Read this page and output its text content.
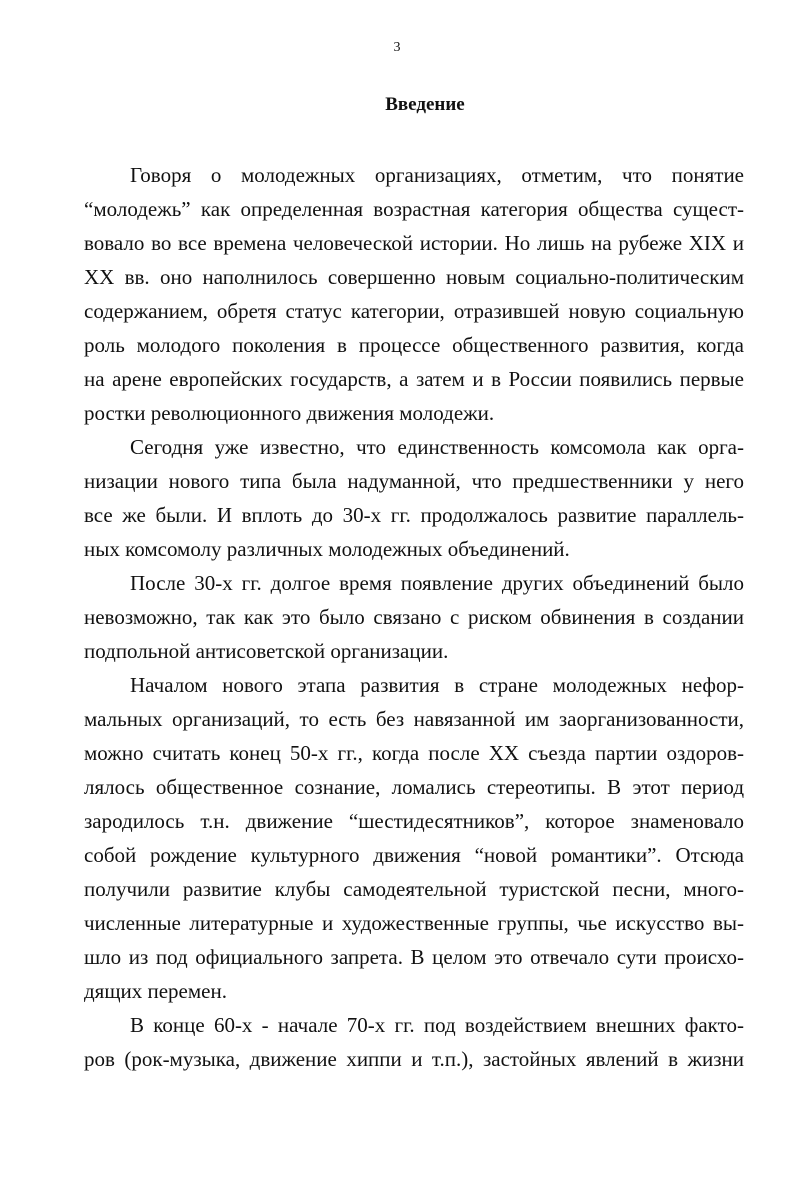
3
Введение
Говоря о молодежных организациях, отметим, что понятие
“молодежь” как определенная возрастная категория общества сущест-
вовало во все времена человеческой истории. Но лишь на рубеже XIX и
XX вв. оно наполнилось совершенно новым социально-политическим
содержанием, обретя статус категории, отразившей новую социальную
роль молодого поколения в процессе общественного развития, когда
на арене европейских государств, а затем и в России появились первые
ростки революционного движения молодежи.
Сегодня уже известно, что единственность комсомола как орга-
низации нового типа была надуманной, что предшественники у него
все же были. И вплоть до 30-х гг. продолжалось развитие параллель-
ных комсомолу различных молодежных объединений.
После 30-х гг. долгое время появление других объединений было
невозможно, так как это было связано с риском обвинения в создании
подпольной антисоветской организации.
Началом нового этапа развития в стране молодежных нефор-
мальных организаций, то есть без навязанной им заорганизованности,
можно считать конец 50-х гг., когда после XX съезда партии оздоров-
лялось общественное сознание, ломались стереотипы. В этот период
зародилось т.н. движение “шестидесятников”, которое знаменовало
собой рождение культурного движения “новой романтики”. Отсюда
получили развитие клубы самодеятельной туристской песни, много-
численные литературные и художественные группы, чье искусство вы-
шло из под официального запрета. В целом это отвечало сути происхо-
дящих перемен.
В конце 60-х - начале 70-х гг. под воздействием внешних факто-
ров (рок-музыка, движение хиппи и т.п.), застойных явлений в жизни
